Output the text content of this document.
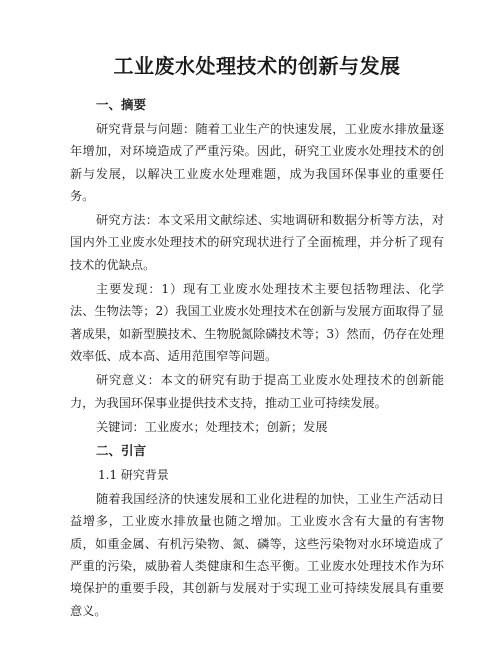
工业废水处理技术的创新与发展
一、摘要

研究背景与问题：随着工业生产的快速发展，工业废水排放量逐年增加，对环境造成了严重污染。因此，研究工业废水处理技术的创新与发展，以解决工业废水处理难题，成为我国环保事业的重要任务。

研究方法：本文采用文献综述、实地调研和数据分析等方法，对国内外工业废水处理技术的研究现状进行了全面梳理，并分析了现有技术的优缺点。

主要发现：1）现有工业废水处理技术主要包括物理法、化学法、生物法等；2）我国工业废水处理技术在创新与发展方面取得了显著成果，如新型膜技术、生物脱氮除磷技术等；3）然而，仍存在处理效率低、成本高、适用范围窄等问题。

研究意义：本文的研究有助于提高工业废水处理技术的创新能力，为我国环保事业提供技术支持，推动工业可持续发展。

关键词：工业废水；处理技术；创新；发展
二、引言
1.1 研究背景

随着我国经济的快速发展和工业化进程的加快，工业生产活动日益增多，工业废水排放量也随之增加。工业废水含有大量的有害物质，如重金属、有机污染物、氮、磷等，这些污染物对水环境造成了严重的污染，威胁着人类健康和生态平衡。工业废水处理技术作为环境保护的重要手段，其创新与发展对于实现工业可持续发展具有重要意义。
